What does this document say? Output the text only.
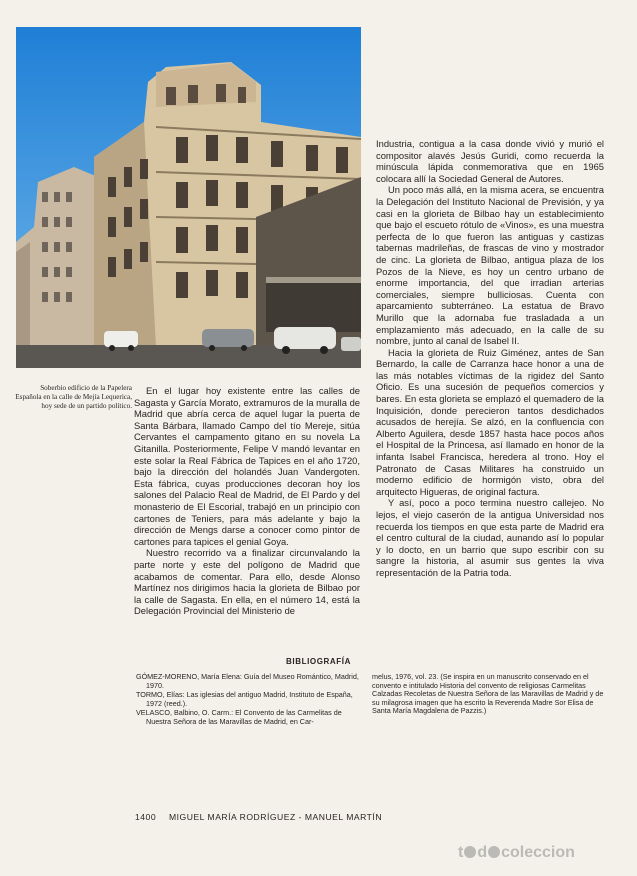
Soberbio edificio de la Papelera Española en la calle de Mejía Lequerica, hoy sede de un partido político.

En el lugar hoy existente entre las calles de Sagasta y García Morato, extramuros de la muralla de Madrid que abría cerca de aquel lugar la puerta de Santa Bárbara, llamado Campo del tío Mereje, sitúa Cervantes el campamento gitano en su novela La Gitanilla. Posteriormente, Felipe V mandó levantar en este solar la Real Fábrica de Tapices en el año 1720, bajo la dirección del holandés Juan Vandergoten. Esta fábrica, cuyas producciones decoran hoy los salones del Palacio Real de Madrid, de El Pardo y del monasterio de El Escorial, trabajó en un principio con cartones de Teniers, para más adelante y bajo la dirección de Mengs darse a conocer como pintor de cartones para tapices el genial Goya.

Nuestro recorrido va a finalizar circunvalando la parte norte y este del polígono de Madrid que acabamos de comentar. Para ello, desde Alonso Martínez nos dirigimos hacia la glorieta de Bilbao por la calle de Sagasta. En ella, en el número 14, está la Delegación Provincial del Ministerio de

Industria, contigua a la casa donde vivió y murió el compositor alavés Jesús Guridi, como recuerda la minúscula lápida conmemorativa que en 1965 colocara allí la Sociedad General de Autores.

Un poco más allá, en la misma acera, se encuentra la Delegación del Instituto Nacional de Previsión, y ya casi en la glorieta de Bilbao hay un establecimiento que bajo el escueto rótulo de «Vinos», es una muestra perfecta de lo que fueron las antiguas y castizas tabernas madrileñas, de frascas de vino y mostrador de cinc. La glorieta de Bilbao, antigua plaza de los Pozos de la Nieve, es hoy un centro urbano de enorme importancia, del que irradian arterias comerciales, siempre bulliciosas. Cuenta con aparcamiento subterráneo. La estatua de Bravo Murillo que la adornaba fue trasladada a un emplazamiento más adecuado, en la calle de su nombre, junto al canal de Isabel II.

Hacia la glorieta de Ruiz Giménez, antes de San Bernardo, la calle de Carranza hace honor a una de las más notables víctimas de la rigidez del Santo Oficio. Es una sucesión de pequeños comercios y bares. En esta glorieta se emplazó el quemadero de la Inquisición, donde perecieron tantos desdichados acusados de herejía. Se alzó, en la confluencia con Alberto Aguilera, desde 1857 hasta hace pocos años el Hospital de la Princesa, así llamado en honor de la infanta Isabel Francisca, heredera al trono. Hoy el Patronato de Casas Militares ha construido un moderno edificio de hormigón visto, obra del arquitecto Higueras, de original factura.

Y así, poco a poco termina nuestro callejeo. No lejos, el viejo caserón de la antigua Universidad nos recuerda los tiempos en que esta parte de Madrid era el centro cultural de la ciudad, aunando así lo popular y lo docto, en un barrio que supo escribir con su sangre la historia, al asumir sus gentes la viva representación de la Patria toda.

BIBLIOGRAFÍA

GÓMEZ-MORENO, María Elena: Guía del Museo Romántico, Madrid, 1970.

TORMO, Elías: Las iglesias del antiguo Madrid, Instituto de España, 1972 (reed.).

VELASCO, Balbino, O. Carm.: El Convento de las Carmelitas de Nuestra Señora de las Maravillas de Madrid, en Car-

melus, 1976, vol. 23. (Se inspira en un manuscrito conservado en el convento e intitulado Historia del convento de religiosas Carmelitas Calzadas Recoletas de Nuestra Señora de las Maravillas de Madrid y de su milagrosa imagen que ha escrito la Reverenda Madre Sor Elisa de Santa María Magdalena de Pazzis.)

1400 MIGUEL MARÍA RODRÍGUEZ - MANUEL MARTÍN
t d coleccion
